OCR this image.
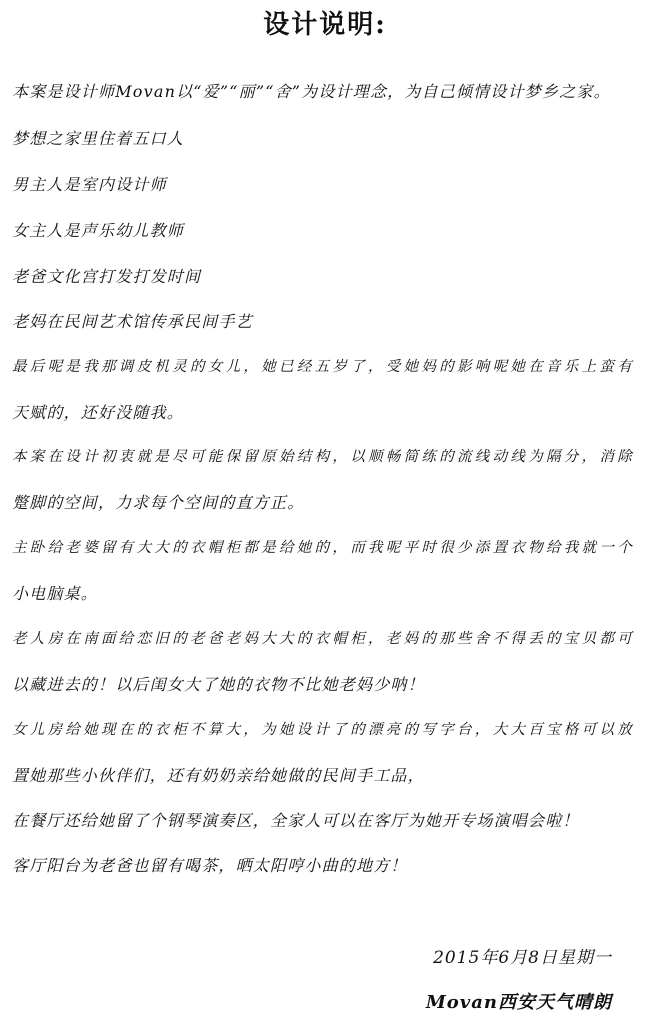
设计说明:
本案是设计师Movan以“爱”“丽”“舍”为设计理念，为自己倾情设计梦乡之家。
梦想之家里住着五口人
男主人是室内设计师
女主人是声乐幼儿教师
老爸文化宫打发打发时间
老妈在民间艺术馆传承民间手艺
最后呢是我那调皮机灵的女儿，她已经五岁了，受她妈的影响呢她在音乐上蛮有
天赋的，还好没随我。
本案在设计初衷就是尽可能保留原始结构，以顺畅简练的流线动线为隔分，消除
蹩脚的空间，力求每个空间的直方正。
主卧给老婆留有大大的衣帽柜都是给她的，而我呢平时很少添置衣物给我就一个
小电脑桌。
老人房在南面给恋旧的老爸老妈大大的衣帽柜，老妈的那些舍不得丢的宝贝都可
以藏进去的！以后闺女大了她的衣物不比她老妈少呐！
女儿房给她现在的衣柜不算大，为她设计了的漂亮的写字台，大大百宝格可以放
置她那些小伙伴们，还有奶奶亲给她做的民间手工品，
在餐厅还给她留了个钢琴演奏区，全家人可以在客厅为她开专场演唱会啦！
客厅阳台为老爸也留有喝茶，晒太阳哼小曲的地方！
2015年6月8日星期一
Movan西安天气晴朗
